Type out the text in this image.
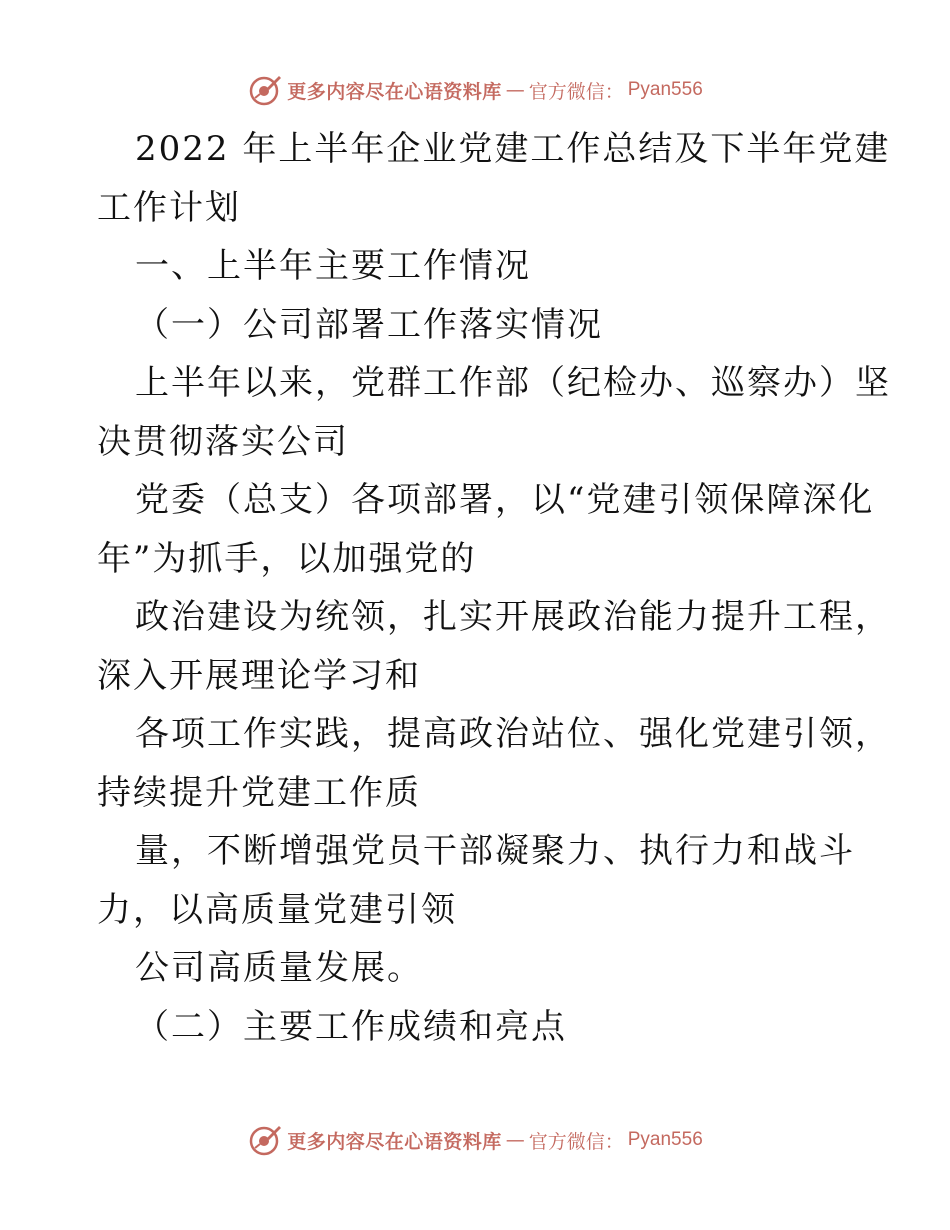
更多内容尽在心语资料库 — 官方微信： Pyan556
2022 年上半年企业党建工作总结及下半年党建
工作计划
一、上半年主要工作情况
（一）公司部署工作落实情况
上半年以来，党群工作部（纪检办、巡察办）坚
决贯彻落实公司
党委（总支）各项部署，以“党建引领保障深化
年”为抓手，以加强党的
政治建设为统领，扎实开展政治能力提升工程，
深入开展理论学习和
各项工作实践，提高政治站位、强化党建引领，
持续提升党建工作质
量，不断增强党员干部凝聚力、执行力和战斗
力，以高质量党建引领
公司高质量发展。
（二）主要工作成绩和亮点
更多内容尽在心语资料库 — 官方微信： Pyan556
